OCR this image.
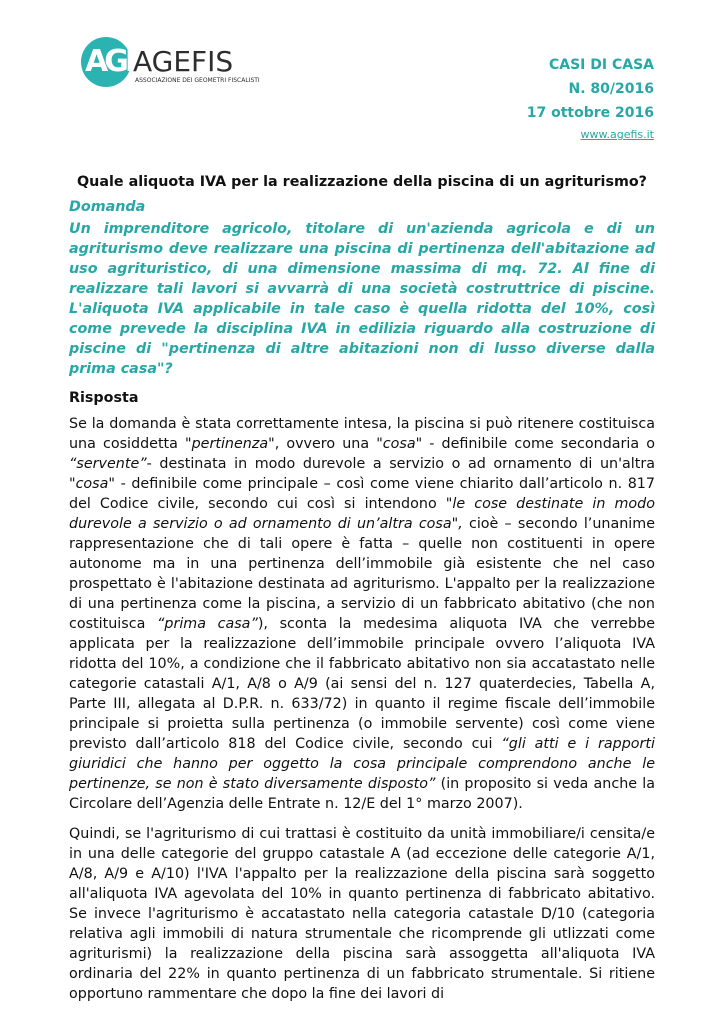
AGF
AGEFIS
ASSOCIAZIONE DEI GEOMETRI FISCALISTI
CASI DI CASA
N. 80/2016
17 ottobre 2016
www.agefis.it

Quale aliquota IVA per la realizzazione della piscina di un agriturismo?

Domanda

Un imprenditore agricolo, titolare di un'azienda agricola e di un agriturismo deve realizzare una piscina di pertinenza dell'abitazione ad uso agrituristico, di una dimensione massima di mq. 72. Al fine di realizzare tali lavori si avvarrà di una società costruttrice di piscine. L'aliquota IVA applicabile in tale caso è quella ridotta del 10%, così come prevede la disciplina IVA in edilizia riguardo alla costruzione di piscine di "pertinenza di altre abitazioni non di lusso diverse dalla prima casa"?

Risposta

Se la domanda è stata correttamente intesa, la piscina si può ritenere costituisca una cosiddetta "pertinenza", ovvero una "cosa" - definibile come secondaria o “servente”- destinata in modo durevole a servizio o ad ornamento di un'altra "cosa" - definibile come principale – così come viene chiarito dall’articolo n. 817 del Codice civile, secondo cui così si intendono "le cose destinate in modo durevole a servizio o ad ornamento di un’altra cosa", cioè – secondo l’unanime rappresentazione che di tali opere è fatta – quelle non costituenti in opere autonome ma in una pertinenza dell’immobile già esistente che nel caso prospettato è l'abitazione destinata ad agriturismo. L'appalto per la realizzazione di una pertinenza come la piscina, a servizio di un fabbricato abitativo (che non costituisca “prima casa”), sconta la medesima aliquota IVA che verrebbe applicata per la realizzazione dell’immobile principale ovvero l’aliquota IVA ridotta del 10%, a condizione che il fabbricato abitativo non sia accatastato nelle categorie catastali A/1, A/8 o A/9 (ai sensi del n. 127 quaterdecies, Tabella A, Parte III, allegata al D.P.R. n. 633/72) in quanto il regime fiscale dell’immobile principale si proietta sulla pertinenza (o immobile servente) così come viene previsto dall’articolo 818 del Codice civile, secondo cui “gli atti e i rapporti giuridici che hanno per oggetto la cosa principale comprendono anche le pertinenze, se non è stato diversamente disposto” (in proposito si veda anche la Circolare dell’Agenzia delle Entrate n. 12/E del 1° marzo 2007).

Quindi, se l'agriturismo di cui trattasi è costituito da unità immobiliare/i censita/e in una delle categorie del gruppo catastale A (ad eccezione delle categorie A/1, A/8, A/9 e A/10) l'IVA l'appalto per la realizzazione della piscina sarà soggetto all'aliquota IVA agevolata del 10% in quanto pertinenza di fabbricato abitativo. Se invece l'agriturismo è accatastato nella categoria catastale D/10 (categoria relativa agli immobili di natura strumentale che ricomprende gli utlizzati come agriturismi) la realizzazione della piscina sarà assoggetta all'aliquota IVA ordinaria del 22% in quanto pertinenza di un fabbricato strumentale. Si ritiene opportuno rammentare che dopo la fine dei lavori di
